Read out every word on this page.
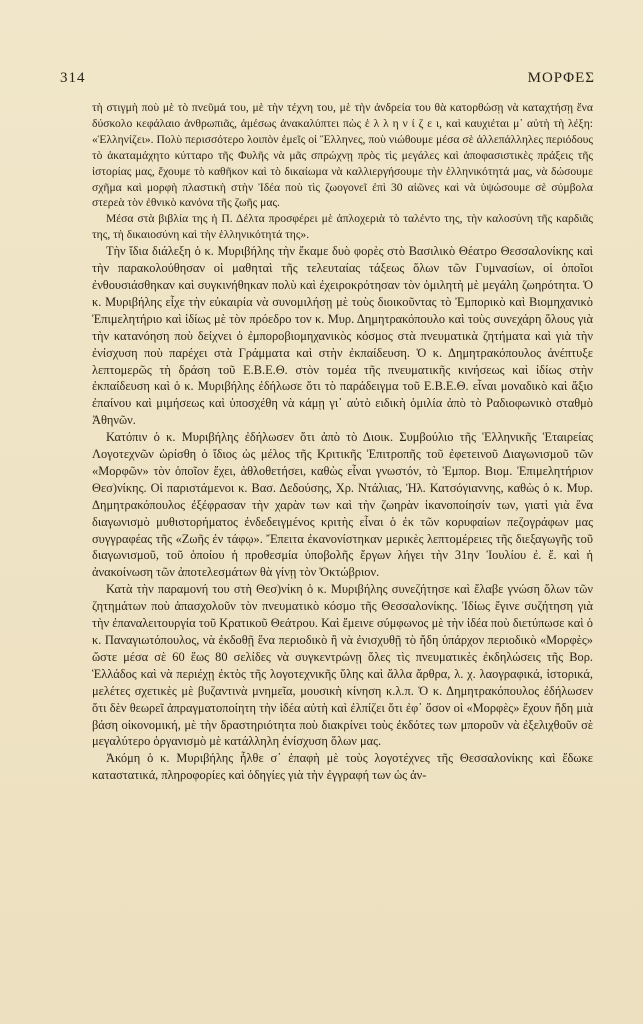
314	ΜΟΡΦΕΣ

τὴ στιγμὴ ποὺ μὲ τὸ πνεῦμά του, μὲ τὴν τέχνη του, μὲ τὴν ἀνδρεία του θὰ κατορθώσῃ νὰ καταχτήσῃ ἕνα δύσκολο κεφάλαιο ἀνθρωπιᾶς, ἀμέσως ἀνακαλύπτει πὼς ἑ λ λ η ν ί ζ ε ι, καὶ καυχιέται μ᾽ αὐτὴ τὴ λέξη: «Ἑλληνίζει». Πολὺ περισσότερο λοιπὸν ἐμεῖς οἱ Ἕλληνες, ποὺ νιώθουμε μέσα σὲ ἀλλεπάλληλες περιόδους τὸ ἀκαταμάχητο κύτταρο τῆς Φυλῆς νὰ μᾶς σπρώχνῃ πρὸς τὶς μεγάλες καὶ ἀποφασιστικὲς πράξεις τῆς ἱστορίας μας, ἔχουμε τὸ καθῆκον καὶ τὸ δικαίωμα νὰ καλλιεργήσουμε τὴν ἑλληνικότητά μας, νὰ δώσουμε σχῆμα καὶ μορφὴ πλαστικὴ στὴν Ἰδέα ποὺ τὶς ζωογονεῖ ἐπὶ 30 αἰῶνες καὶ νὰ ὑψώσουμε σὲ σύμβολα στερεὰ τὸν ἐθνικὸ κανόνα τῆς ζωῆς μας.

Μέσα στὰ βιβλία της ἡ Π. Δέλτα προσφέρει μὲ ἁπλοχεριὰ τὸ ταλέντο της, τὴν καλοσύνη τῆς καρδιᾶς της, τὴ δικαιοσύνη καὶ τὴν ἑλληνικότητά της».

Τὴν ἴδια διάλεξη ὁ κ. Μυριβήλης τὴν ἔκαμε δυὸ φορὲς στὸ Βασιλικὸ Θέατρο Θεσσαλονίκης καὶ τὴν παρακολούθησαν οἱ μαθηταὶ τῆς τελευταίας τάξεως ὅλων τῶν Γυμνασίων, οἱ ὁποῖοι ἐνθουσιάσθηκαν καὶ συγκινήθηκαν πολὺ καὶ ἐχειροκρότησαν τὸν ὁμιλητὴ μὲ μεγάλη ζωηρότητα. Ὁ κ. Μυριβήλης εἶχε τὴν εὐκαιρία νὰ συνομιλήσῃ μὲ τοὺς διοικοῦντας τὸ Ἐμπορικὸ καὶ Βιομηχανικὸ Ἐπιμελητήριο καὶ ἰδίως μὲ τὸν πρόεδρο τον κ. Μυρ. Δημητρακόπουλο καὶ τοὺς συνεχάρη ὅλους γιὰ τὴν κατανόηση ποὺ δείχνει ὁ ἐμποροβιομηχανικὸς κόσμος στὰ πνευματικὰ ζητήματα καὶ γιὰ τὴν ἐνίσχυση ποὺ παρέχει στὰ Γράμματα καὶ στὴν ἐκπαίδευση. Ὁ κ. Δημητρακόπουλος ἀνέπτυξε λεπτομερῶς τὴ δράση τοῦ Ε.Β.Ε.Θ. στὸν τομέα τῆς πνευματικῆς κινήσεως καὶ ἰδίως στὴν ἐκπαίδευση καὶ ὁ κ. Μυριβήλης ἐδήλωσε ὅτι τὸ παράδειγμα τοῦ Ε.Β.Ε.Θ. εἶναι μοναδικὸ καὶ ἄξιο ἐπαίνου καὶ μιμήσεως καὶ ὑποσχέθη νὰ κάμῃ γι᾽ αὐτὸ ειδικὴ ὁμιλία ἀπὸ τὸ Ραδιοφωνικὸ σταθμὸ Ἀθηνῶν.

Κατόπιν ὁ κ. Μυριβήλης ἐδήλωσεν ὅτι ἀπὸ τὸ Διοικ. Συμβούλιο τῆς Ἑλληνικῆς Ἑταιρείας Λογοτεχνῶν ὡρίσθη ὁ ἴδιος ὡς μέλος τῆς Κριτικῆς Ἐπιτροπῆς τοῦ ἐφετεινοῦ Διαγωνισμοῦ τῶν «Μορφῶν» τὸν ὁποῖον ἔχει, ἀθλοθετήσει, καθὼς εἶναι γνωστόν, τὸ Ἐμπορ. Βιομ. Ἐπιμελητήριον Θεσ)νίκης. Οἱ παριστάμενοι κ. Βασ. Δεδούσης, Χρ. Ντάλιας, Ἠλ. Κατσόγιαννης, καθὼς ὁ κ. Μυρ. Δημητρακόπουλος ἐξέφρασαν τὴν χαρὰν των καὶ τὴν ζωηρὰν ἱκανοποίησίν των, γιατὶ γιὰ ἕνα διαγωνισμὸ μυθιστορήματος ἐνδεδειγμένος κριτὴς εἶναι ὁ ἐκ τῶν κορυφαίων πεζογράφων μας συγγραφέας τῆς «Ζωῆς ἐν τάφῳ». Ἔπειτα ἐκανονίστηκαν μερικὲς λεπτομέρειες τῆς διεξαγωγῆς τοῦ διαγωνισμοῦ, τοῦ ὁποίου ἡ προθεσμία ὑποβολῆς ἔργων λήγει τὴν 31ην Ἰουλίου ἐ. ἔ. καὶ ἡ ἀνακοίνωση τῶν ἀποτελεσμάτων θὰ γίνῃ τὸν Ὀκτώβριον.

Κατὰ τὴν παραμονή του στὴ Θεσ)νίκη ὁ κ. Μυριβήλης συνεζήτησε καὶ ἔλαβε γνώση ὅλων τῶν ζητημάτων ποὺ ἀπασχολοῦν τὸν πνευματικὸ κόσμο τῆς Θεσσαλονίκης. Ἰδίως ἔγινε συζήτηση γιὰ τὴν ἐπαναλειτουργία τοῦ Κρατικοῦ Θεάτρου. Καὶ ἔμεινε σύμφωνος μὲ τὴν ἰδέα ποὺ διετύπωσε καὶ ὁ κ. Παναγιωτόπουλος, νὰ ἐκδοθῇ ἕνα περιοδικὸ ἢ νὰ ἐνισχυθῇ τὸ ἤδη ὑπάρχον περιοδικὸ «Μορφὲς» ὥστε μέσα σὲ 60 ἕως 80 σελίδες νὰ συγκεντρώνῃ ὅλες τὶς πνευματικὲς ἐκδηλώσεις τῆς Βορ. Ἑλλάδος καὶ νὰ περιέχῃ ἐκτὸς τῆς λογοτεχνικῆς ὕλης καὶ ἄλλα ἄρθρα, λ. χ. λαογραφικά, ἱστορικά, μελέτες σχετικὲς μὲ βυζαντινὰ μνημεῖα, μουσικὴ κίνηση κ.λ.π. Ὁ κ. Δημητρακόπουλος ἐδήλωσεν ὅτι δὲν θεωρεῖ ἀπραγματοποίητη τὴν ἰδέα αὐτὴ καὶ ἐλπίζει ὅτι ἐφ᾽ ὅσον οἱ «Μορφὲς» ἔχουν ἤδη μιὰ βάση οἰκονομική, μὲ τὴν δραστηριότητα ποὺ διακρίνει τοὺς ἐκδότες των μποροῦν νὰ ἐξελιχθοῦν σὲ μεγαλύτερο ὀργανισμὸ μὲ κατάλληλη ἐνίσχυση ὅλων μας.

Ἀκόμη ὁ κ. Μυριβήλης ἦλθε σ᾽ ἐπαφὴ μὲ τοὺς λογοτέχνες τῆς Θεσσαλονίκης καὶ ἔδωκε καταστατικά, πληροφορίες καὶ ὁδηγίες γιὰ τὴν ἐγγραφή των ὡς ἀν-
